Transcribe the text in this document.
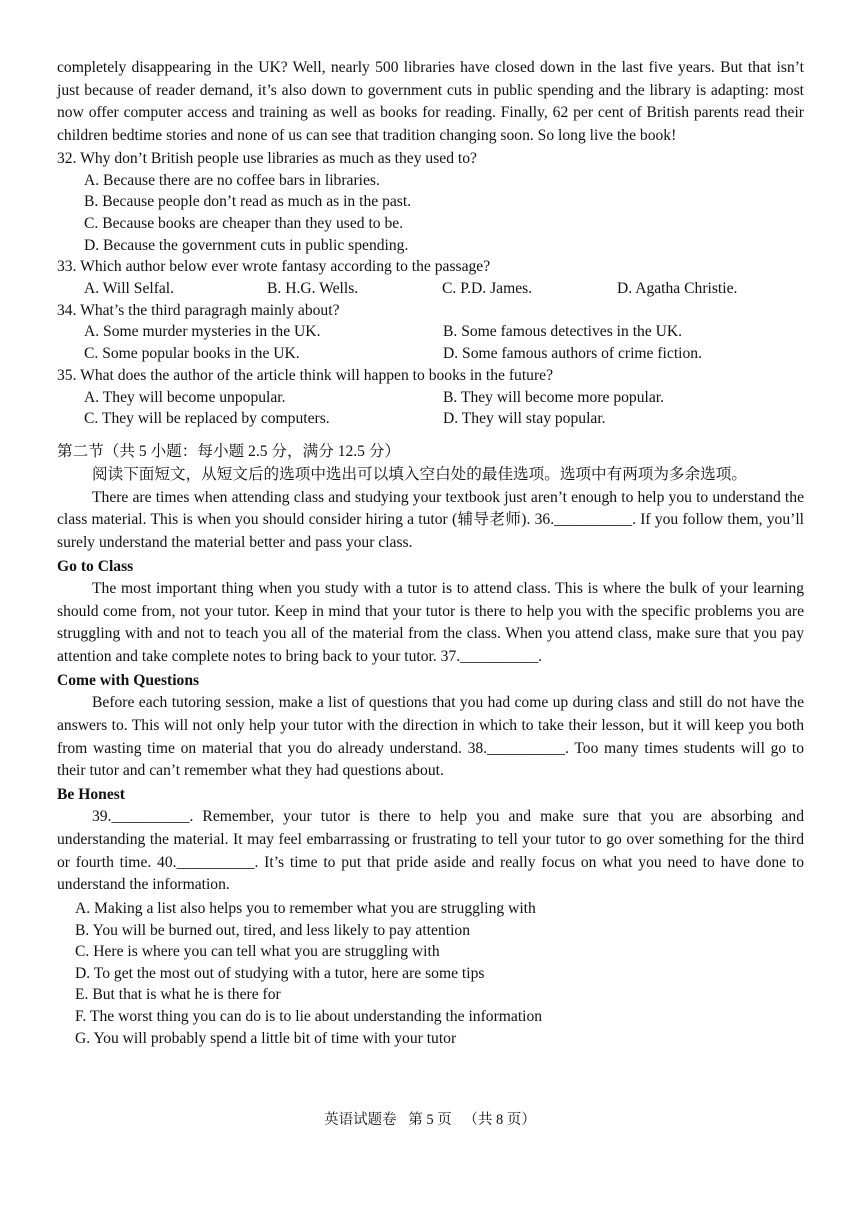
completely disappearing in the UK? Well, nearly 500 libraries have closed down in the last five years. But that isn’t just because of reader demand, it’s also down to government cuts in public spending and the library is adapting: most now offer computer access and training as well as books for reading. Finally, 62 per cent of British parents read their children bedtime stories and none of us can see that tradition changing soon. So long live the book!

32. Why don’t British people use libraries as much as they used to?

A. Because there are no coffee bars in libraries.

B. Because people don’t read as much as in the past.

C. Because books are cheaper than they used to be.

D. Because the government cuts in public spending.

33. Which author below ever wrote fantasy according to the passage?

A. Will Selfal.	B. H.G. Wells.	C. P.D. James.	D. Agatha Christie.

34. What’s the third paragragh mainly about?

A. Some murder mysteries in the UK.	B. Some famous detectives in the UK.
C. Some popular books in the UK.	D. Some famous authors of crime fiction.

35. What does the author of the article think will happen to books in the future?

A. They will become unpopular.	B. They will become more popular.
C. They will be replaced by computers.	D. They will stay popular.

第二节（共 5 小题：每小题 2.5 分，满分 12.5 分）

阅读下面短文，从短文后的选项中选出可以填入空白处的最佳选项。选项中有两项为多余选项。

There are times when attending class and studying your textbook just aren’t enough to help you to understand the class material. This is when you should consider hiring a tutor (辅导老师). 36.__________. If you follow them, you’ll surely understand the material better and pass your class.

Go to Class

The most important thing when you study with a tutor is to attend class. This is where the bulk of your learning should come from, not your tutor. Keep in mind that your tutor is there to help you with the specific problems you are struggling with and not to teach you all of the material from the class. When you attend class, make sure that you pay attention and take complete notes to bring back to your tutor. 37.__________.

Come with Questions

Before each tutoring session, make a list of questions that you had come up during class and still do not have the answers to. This will not only help your tutor with the direction in which to take their lesson, but it will keep you both from wasting time on material that you do already understand. 38.__________. Too many times students will go to their tutor and can’t remember what they had questions about.

Be Honest

39.__________. Remember, your tutor is there to help you and make sure that you are absorbing and understanding the material. It may feel embarrassing or frustrating to tell your tutor to go over something for the third or fourth time. 40.__________. It’s time to put that pride aside and really focus on what you need to have done to understand the information.

A. Making a list also helps you to remember what you are struggling with

B. You will be burned out, tired, and less likely to pay attention

C. Here is where you can tell what you are struggling with

D. To get the most out of studying with a tutor, here are some tips

E. But that is what he is there for

F. The worst thing you can do is to lie about understanding the information

G. You will probably spend a little bit of time with your tutor

英语试题卷 第 5 页 （共 8 页）
